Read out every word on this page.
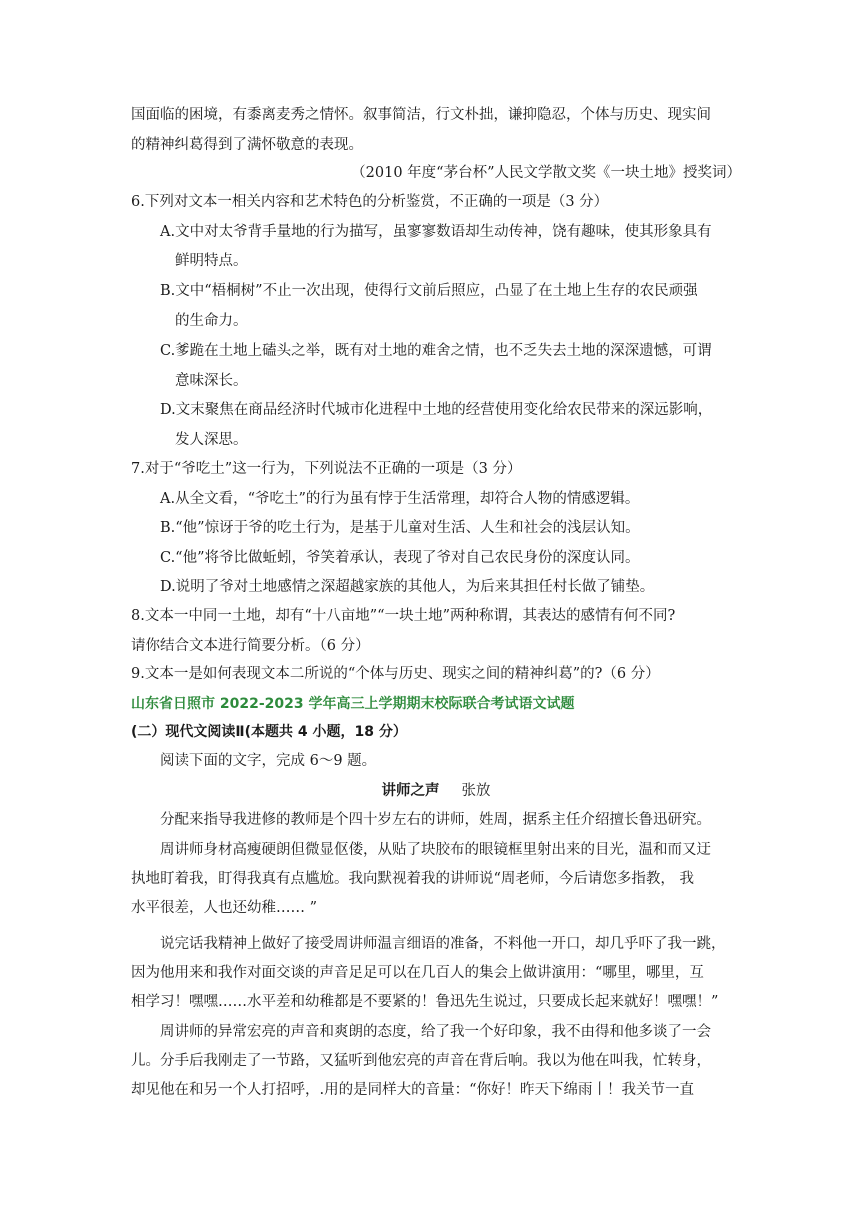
国面临的困境，有黍离麦秀之情怀。叙事简洁，行文朴拙，谦抑隐忍，个体与历史、现实间
的精神纠葛得到了满怀敬意的表现。
（2010 年度“茅台杯”人民文学散文奖《一块土地》授奖词）
6.下列对文本一相关内容和艺术特色的分析鉴赏，不正确的一项是（3 分）
A.文中对太爷背手量地的行为描写，虽寥寥数语却生动传神，饶有趣味，使其形象具有
鲜明特点。
B.文中“梧桐树”不止一次出现，使得行文前后照应，凸显了在土地上生存的农民顽强
的生命力。
C.爹跪在土地上磕头之举，既有对土地的难舍之情，也不乏失去土地的深深遗憾，可谓
意味深长。
D.文末聚焦在商品经济时代城市化进程中土地的经营使用变化给农民带来的深远影响，
发人深思。
7.对于“爷吃土”这一行为，下列说法不正确的一项是（3 分）
A.从全文看，“爷吃土”的行为虽有悖于生活常理，却符合人物的情感逻辑。
B.“他”惊讶于爷的吃土行为，是基于儿童对生活、人生和社会的浅层认知。
C.“他”将爷比做蚯蚓，爷笑着承认，表现了爷对自己农民身份的深度认同。
D.说明了爷对土地感情之深超越家族的其他人，为后来其担任村长做了铺垫。
8.文本一中同一土地，却有“十八亩地”“一块土地”两种称谓，其表达的感情有何不同?
请你结合文本进行简要分析。（6 分）
9.文本一是如何表现文本二所说的“个体与历史、现实之间的精神纠葛”的?（6 分）
山东省日照市 2022-2023 学年高三上学期期末校际联合考试语文试题
(二）现代文阅读Ⅱ(本题共 4 小题，18 分）
阅读下面的文字，完成 6～9 题。
讲师之声 张放
分配来指导我进修的教师是个四十岁左右的讲师，姓周，据系主任介绍擅长鲁迅研究。
周讲师身材高瘦硬朗但微显伛偻，从贴了块胶布的眼镜框里射出来的目光，温和而又迂
执地盯着我，盯得我真有点尴尬。我向默视着我的讲师说“周老师，今后请您多指教， 我
水平很差，人也还幼稚…… ”
说完话我精神上做好了接受周讲师温言细语的准备，不料他一开口，却几乎吓了我一跳，
因为他用来和我作对面交谈的声音足足可以在几百人的集会上做讲演用：“哪里，哪里，互
相学习！嘿嘿……水平差和幼稚都是不要紧的！鲁迅先生说过，只要成长起来就好！嘿嘿！”
周讲师的异常宏亮的声音和爽朗的态度，给了我一个好印象，我不由得和他多谈了一会
儿。分手后我刚走了一节路，又猛听到他宏亮的声音在背后响。我以为他在叫我，忙转身，
却见他在和另一个人打招呼，.用的是同样大的音量：“你好！昨天下绵雨丨！我关节一直
